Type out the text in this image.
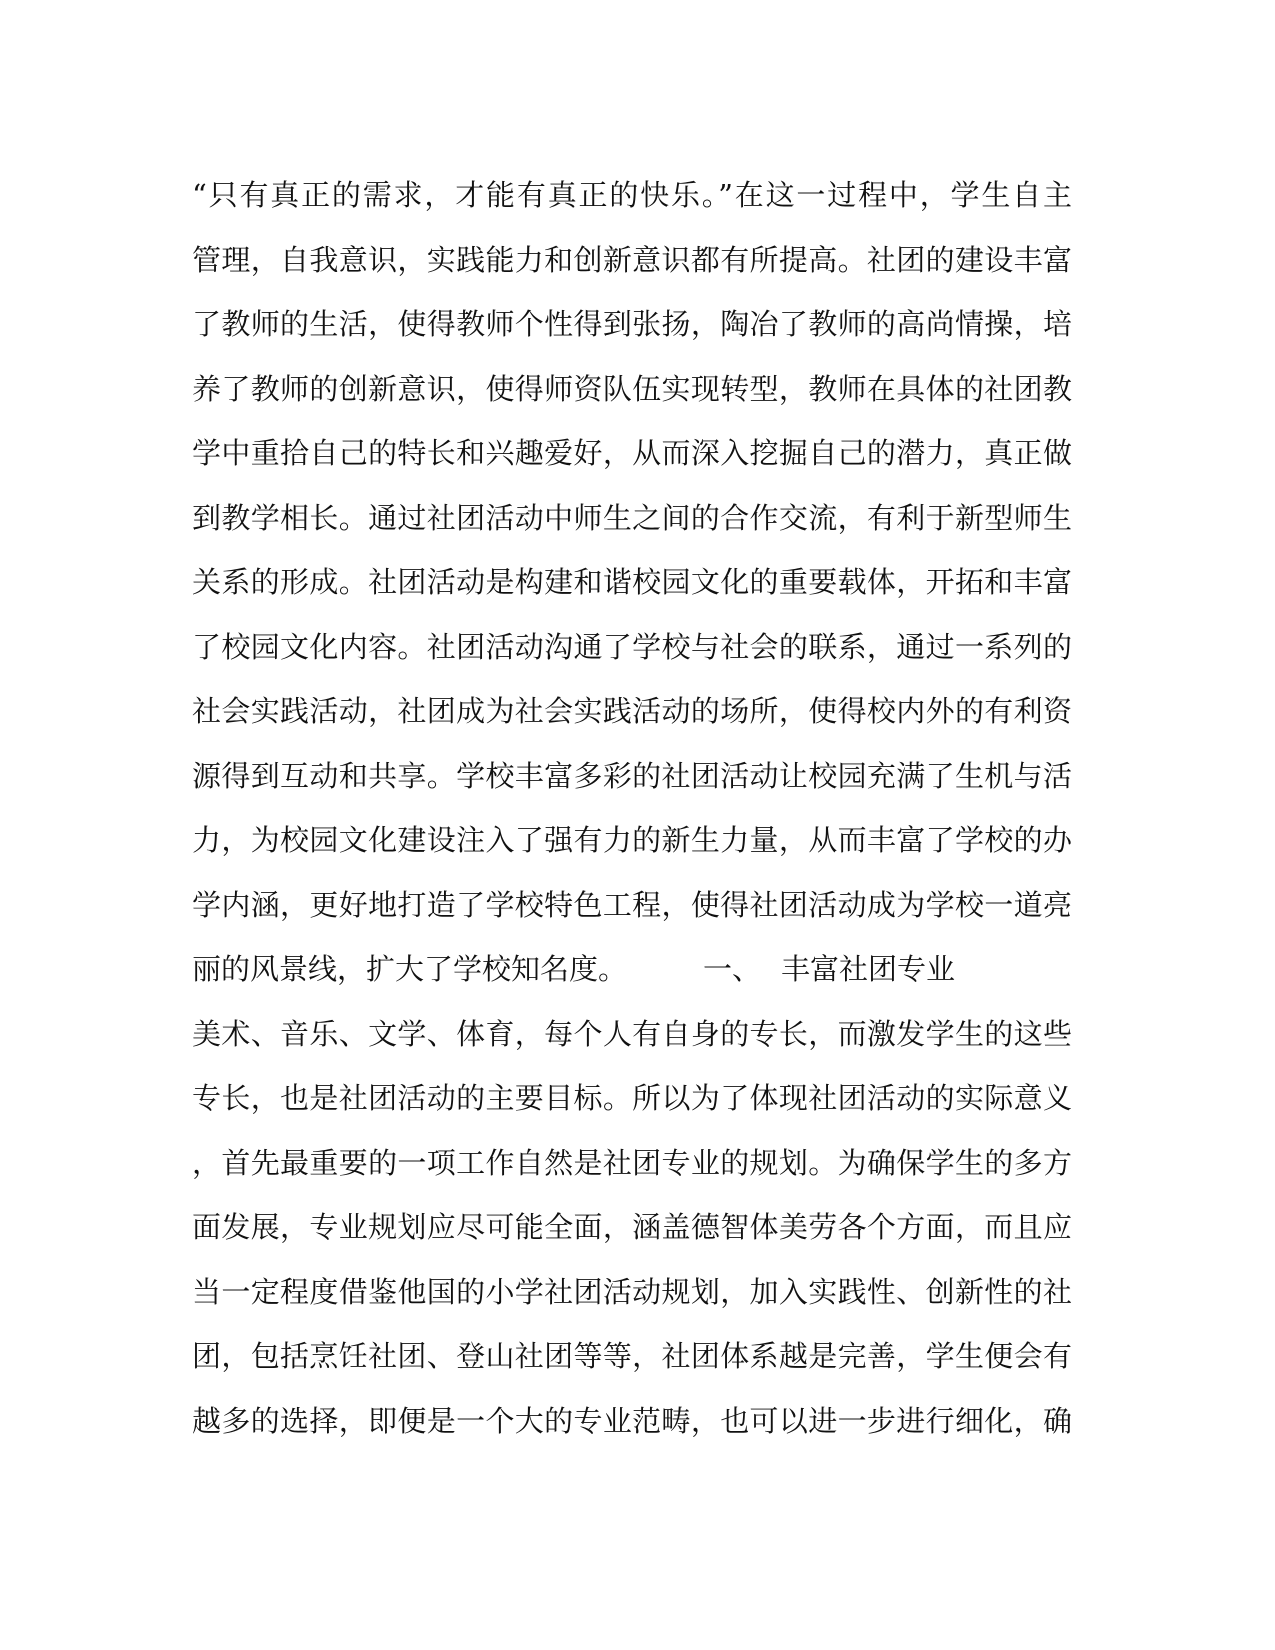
“只有真正的需求，才能有真正的快乐。”在这一过程中，学生自主
管理，自我意识，实践能力和创新意识都有所提高。社团的建设丰富
了教师的生活，使得教师个性得到张扬，陶冶了教师的高尚情操，培
养了教师的创新意识，使得师资队伍实现转型，教师在具体的社团教
学中重拾自己的特长和兴趣爱好，从而深入挖掘自己的潜力，真正做
到教学相长。通过社团活动中师生之间的合作交流，有利于新型师生
关系的形成。社团活动是构建和谐校园文化的重要载体，开拓和丰富
了校园文化内容。社团活动沟通了学校与社会的联系，通过一系列的
社会实践活动，社团成为社会实践活动的场所，使得校内外的有利资
源得到互动和共享。学校丰富多彩的社团活动让校园充满了生机与活
力，为校园文化建设注入了强有力的新生力量，从而丰富了学校的办
学内涵，更好地打造了学校特色工程，使得社团活动成为学校一道亮
丽的风景线，扩大了学校知名度。	一、 丰富社团专业
美术、音乐、文学、体育，每个人有自身的专长，而激发学生的这些
专长，也是社团活动的主要目标。所以为了体现社团活动的实际意义
，首先最重要的一项工作自然是社团专业的规划。为确保学生的多方
面发展，专业规划应尽可能全面，涵盖德智体美劳各个方面，而且应
当一定程度借鉴他国的小学社团活动规划，加入实践性、创新性的社
团，包括烹饪社团、登山社团等等，社团体系越是完善，学生便会有
越多的选择，即便是一个大的专业范畴，也可以进一步进行细化，确
